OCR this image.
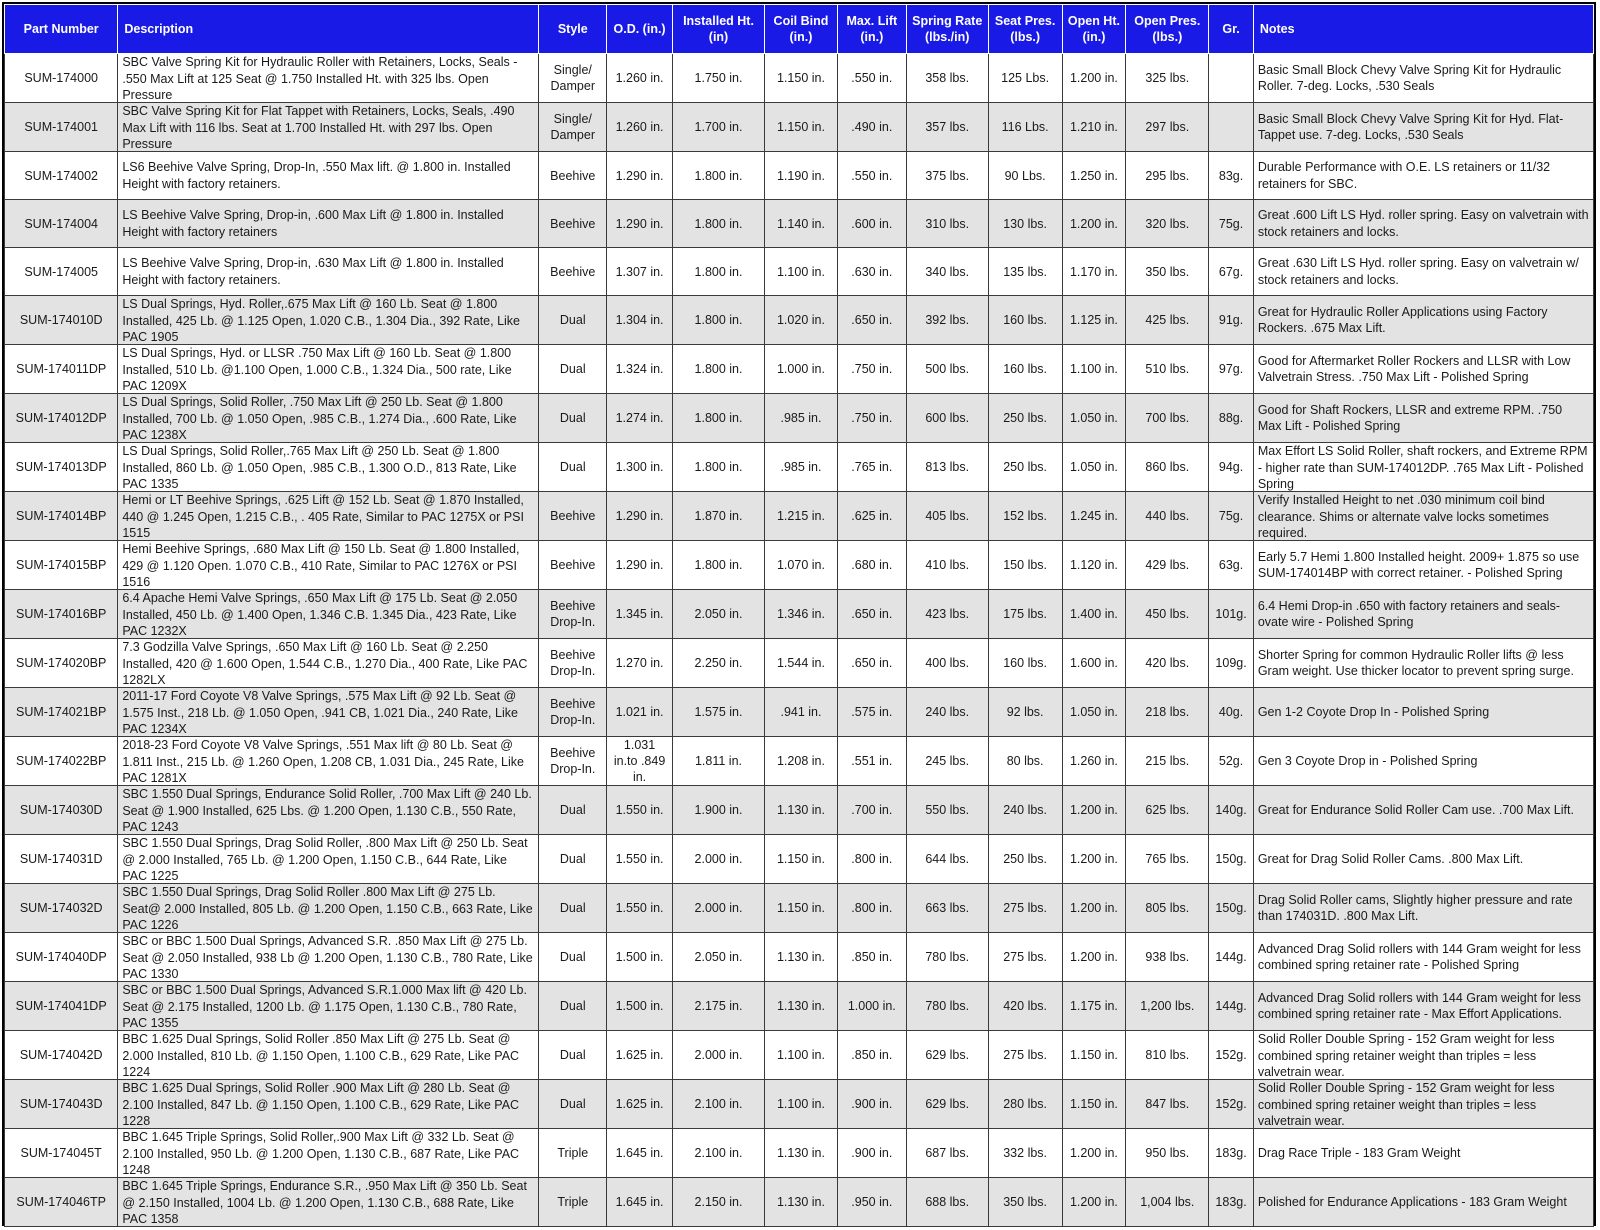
Part Number	Description	Style	O.D. (in.)	Installed Ht. (in)	Coil Bind (in.)	Max. Lift (in.)	Spring Rate (lbs./in)	Seat Pres. (lbs.)	Open Ht. (in.)	Open Pres. (lbs.)	Gr.	Notes
SUM-174000	SBC Valve Spring Kit for Hydraulic Roller with Retainers, Locks, Seals - .550 Max Lift at 125 Seat @ 1.750 Installed Ht. with 325 lbs. Open Pressure	Single/ Damper	1.260 in.	1.750 in.	1.150 in.	.550 in.	358 lbs.	125 Lbs.	1.200 in.	325 lbs.		Basic Small Block Chevy Valve Spring Kit for Hydraulic Roller. 7-deg. Locks, .530 Seals

SUM-174001	SBC Valve Spring Kit for Flat Tappet with Retainers, Locks, Seals, .490 Max Lift with 116 lbs. Seat at 1.700 Installed Ht. with 297 lbs. Open Pressure	Single/ Damper	1.260 in.	1.700 in.	1.150 in.	.490 in.	357 lbs.	116 Lbs.	1.210 in.	297 lbs.		Basic Small Block Chevy Valve Spring Kit for Hyd. Flat-Tappet use. 7-deg. Locks, .530 Seals

SUM-174002	LS6 Beehive Valve Spring, Drop-In, .550 Max lift. @ 1.800 in. Installed Height with factory retainers.	Beehive	1.290 in.	1.800 in.	1.190 in.	.550 in.	375 lbs.	90 Lbs.	1.250 in.	295 lbs.	83g.	Durable Performance with O.E. LS retainers or 11/32 retainers for SBC.

SUM-174004	LS Beehive Valve Spring, Drop-in, .600 Max Lift @ 1.800 in. Installed Height with factory retainers	Beehive	1.290 in.	1.800 in.	1.140 in.	.600 in.	310 lbs.	130 lbs.	1.200 in.	320 lbs.	75g.	Great .600 Lift LS Hyd. roller spring. Easy on valvetrain with stock retainers and locks.

SUM-174005	LS Beehive Valve Spring, Drop-in, .630 Max Lift @ 1.800 in. Installed Height with factory retainers.	Beehive	1.307 in.	1.800 in.	1.100 in.	.630 in.	340 lbs.	135 lbs.	1.170 in.	350 lbs.	67g.	Great .630 Lift LS Hyd. roller spring. Easy on valvetrain w/ stock retainers and locks.

SUM-174010D	LS Dual Springs, Hyd. Roller,.675 Max Lift @ 160 Lb. Seat @ 1.800 Installed, 425 Lb. @ 1.125 Open, 1.020 C.B., 1.304 Dia., 392 Rate, Like PAC 1905	Dual	1.304 in.	1.800 in.	1.020 in.	.650 in.	392 lbs.	160 lbs.	1.125 in.	425 lbs.	91g.	Great for Hydraulic Roller Applications using Factory Rockers. .675 Max Lift.

SUM-174011DP	LS Dual Springs, Hyd. or LLSR .750 Max Lift @ 160 Lb. Seat @ 1.800 Installed, 510 Lb. @1.100 Open, 1.000 C.B., 1.324 Dia., 500 rate, Like PAC 1209X	Dual	1.324 in.	1.800 in.	1.000 in.	.750 in.	500 lbs.	160 lbs.	1.100 in.	510 lbs.	97g.	Good for Aftermarket Roller Rockers and LLSR with Low Valvetrain Stress. .750 Max Lift - Polished Spring

SUM-174012DP	LS Dual Springs, Solid Roller, .750 Max Lift @ 250 Lb. Seat @ 1.800 Installed, 700 Lb. @ 1.050 Open, .985 C.B., 1.274 Dia., .600 Rate, Like PAC 1238X	Dual	1.274 in.	1.800 in.	.985 in.	.750 in.	600 lbs.	250 lbs.	1.050 in.	700 lbs.	88g.	Good for Shaft Rockers, LLSR and extreme RPM. .750 Max Lift - Polished Spring

SUM-174013DP	LS Dual Springs, Solid Roller,.765 Max Lift @ 250 Lb. Seat @ 1.800 Installed, 860 Lb. @ 1.050 Open, .985 C.B., 1.300 O.D., 813 Rate, Like PAC 1335	Dual	1.300 in.	1.800 in.	.985 in.	.765 in.	813 lbs.	250 lbs.	1.050 in.	860 lbs.	94g.	Max Effort LS Solid Roller, shaft rockers, and Extreme RPM - higher rate than SUM-174012DP. .765 Max Lift - Polished Spring

SUM-174014BP	Hemi or LT Beehive Springs, .625 Lift @ 152 Lb. Seat @ 1.870 Installed, 440 @ 1.245 Open, 1.215 C.B., . 405 Rate, Similar to PAC 1275X or PSI 1515	Beehive	1.290 in.	1.870 in.	1.215 in.	.625 in.	405 lbs.	152 lbs.	1.245 in.	440 lbs.	75g.	Verify Installed Height to net .030 minimum coil bind clearance. Shims or alternate valve locks sometimes required.

SUM-174015BP	Hemi Beehive Springs, .680 Max Lift @ 150 Lb. Seat @ 1.800 Installed, 429 @ 1.120 Open. 1.070 C.B., 410 Rate, Similar to PAC 1276X or PSI 1516	Beehive	1.290 in.	1.800 in.	1.070 in.	.680 in.	410 lbs.	150 lbs.	1.120 in.	429 lbs.	63g.	Early 5.7 Hemi 1.800 Installed height. 2009+ 1.875 so use SUM-174014BP with correct retainer. - Polished Spring

SUM-174016BP	6.4 Apache Hemi Valve Springs, .650 Max Lift @ 175 Lb. Seat @ 2.050 Installed, 450 Lb. @ 1.400 Open, 1.346 C.B. 1.345 Dia., 423 Rate, Like PAC 1232X	Beehive Drop-In.	1.345 in.	2.050 in.	1.346 in.	.650 in.	423 lbs.	175 lbs.	1.400 in.	450 lbs.	101g.	6.4 Hemi Drop-in .650 with factory retainers and seals- ovate wire - Polished Spring

SUM-174020BP	7.3 Godzilla Valve Springs, .650 Max Lift @ 160 Lb. Seat @ 2.250 Installed, 420 @ 1.600 Open, 1.544 C.B., 1.270 Dia., 400 Rate, Like PAC 1282LX	Beehive Drop-In.	1.270 in.	2.250 in.	1.544 in.	.650 in.	400 lbs.	160 lbs.	1.600 in.	420 lbs.	109g.	Shorter Spring for common Hydraulic Roller lifts @ less Gram weight. Use thicker locator to prevent spring surge.

SUM-174021BP	2011-17 Ford Coyote V8 Valve Springs, .575 Max Lift @ 92 Lb. Seat @ 1.575 Inst., 218 Lb. @ 1.050 Open, .941 CB, 1.021 Dia., 240 Rate, Like PAC 1234X	Beehive Drop-In.	1.021 in.	1.575 in.	.941 in.	.575 in.	240 lbs.	92 lbs.	1.050 in.	218 lbs.	40g.	Gen 1-2 Coyote Drop In - Polished Spring

SUM-174022BP	2018-23 Ford Coyote V8 Valve Springs, .551 Max lift @ 80 Lb. Seat @ 1.811 Inst., 215 Lb. @ 1.260 Open, 1.208 CB, 1.031 Dia., 245 Rate, Like PAC 1281X	Beehive Drop-In.	1.031 in.to .849 in.	1.811 in.	1.208 in.	.551 in.	245 lbs.	80 lbs.	1.260 in.	215 lbs.	52g.	Gen 3 Coyote Drop in - Polished Spring

SUM-174030D	SBC 1.550 Dual Springs, Endurance Solid Roller, .700 Max Lift @ 240 Lb. Seat @ 1.900 Installed, 625 Lbs. @ 1.200 Open, 1.130 C.B., 550 Rate, PAC 1243	Dual	1.550 in.	1.900 in.	1.130 in.	.700 in.	550 lbs.	240 lbs.	1.200 in.	625 lbs.	140g.	Great for Endurance Solid Roller Cam use. .700 Max Lift.

SUM-174031D	SBC 1.550 Dual Springs, Drag Solid Roller, .800 Max Lift @ 250 Lb. Seat @ 2.000 Installed, 765 Lb. @ 1.200 Open, 1.150 C.B., 644 Rate, Like PAC 1225	Dual	1.550 in.	2.000 in.	1.150 in.	.800 in.	644 lbs.	250 lbs.	1.200 in.	765 lbs.	150g.	Great for Drag Solid Roller Cams. .800 Max Lift.

SUM-174032D	SBC 1.550 Dual Springs, Drag Solid Roller .800 Max Lift @ 275 Lb. Seat@ 2.000 Installed, 805 Lb. @ 1.200 Open, 1.150 C.B., 663 Rate, Like PAC 1226	Dual	1.550 in.	2.000 in.	1.150 in.	.800 in.	663 lbs.	275 lbs.	1.200 in.	805 lbs.	150g.	Drag Solid Roller cams, Slightly higher pressure and rate than 174031D. .800 Max Lift.

SUM-174040DP	SBC or BBC 1.500 Dual Springs, Advanced S.R. .850 Max Lift @ 275 Lb. Seat @ 2.050 Installed, 938 Lb @ 1.200 Open, 1.130 C.B., 780 Rate, Like PAC 1330	Dual	1.500 in.	2.050 in.	1.130 in.	.850 in.	780 lbs.	275 lbs.	1.200 in.	938 lbs.	144g.	Advanced Drag Solid rollers with 144 Gram weight for less combined spring retainer rate - Polished Spring

SUM-174041DP	SBC or BBC 1.500 Dual Springs, Advanced S.R.1.000 Max lift @ 420 Lb. Seat @ 2.175 Installed, 1200 Lb. @ 1.175 Open, 1.130 C.B., 780 Rate, PAC 1355	Dual	1.500 in.	2.175 in.	1.130 in.	1.000 in.	780 lbs.	420 lbs.	1.175 in.	1,200 lbs.	144g.	Advanced Drag Solid rollers with 144 Gram weight for less combined spring retainer rate - Max Effort Applications.

SUM-174042D	BBC 1.625 Dual Springs, Solid Roller .850 Max Lift @ 275 Lb. Seat @ 2.000 Installed, 810 Lb. @ 1.150 Open, 1.100 C.B., 629 Rate, Like PAC 1224	Dual	1.625 in.	2.000 in.	1.100 in.	.850 in.	629 lbs.	275 lbs.	1.150 in.	810 lbs.	152g.	Solid Roller Double Spring - 152 Gram weight for less combined spring retainer weight than triples = less valvetrain wear.

SUM-174043D	BBC 1.625 Dual Springs, Solid Roller .900 Max Lift @ 280 Lb. Seat @ 2.100 Installed, 847 Lb. @ 1.150 Open, 1.100 C.B., 629 Rate, Like PAC 1228	Dual	1.625 in.	2.100 in.	1.100 in.	.900 in.	629 lbs.	280 lbs.	1.150 in.	847 lbs.	152g.	Solid Roller Double Spring - 152 Gram weight for less combined spring retainer weight than triples = less valvetrain wear.

SUM-174045T	BBC 1.645 Triple Springs, Solid Roller,.900 Max Lift @ 332 Lb. Seat @ 2.100 Installed, 950 Lb. @ 1.200 Open, 1.130 C.B., 687 Rate, Like PAC 1248	Triple	1.645 in.	2.100 in.	1.130 in.	.900 in.	687 lbs.	332 lbs.	1.200 in.	950 lbs.	183g.	Drag Race Triple - 183 Gram Weight

SUM-174046TP	BBC 1.645 Triple Springs, Endurance S.R., .950 Max Lift @ 350 Lb. Seat @ 2.150 Installed, 1004 Lb. @ 1.200 Open, 1.130 C.B., 688 Rate, Like PAC 1358	Triple	1.645 in.	2.150 in.	1.130 in.	.950 in.	688 lbs.	350 lbs.	1.200 in.	1,004 lbs.	183g.	Polished for Endurance Applications - 183 Gram Weight
